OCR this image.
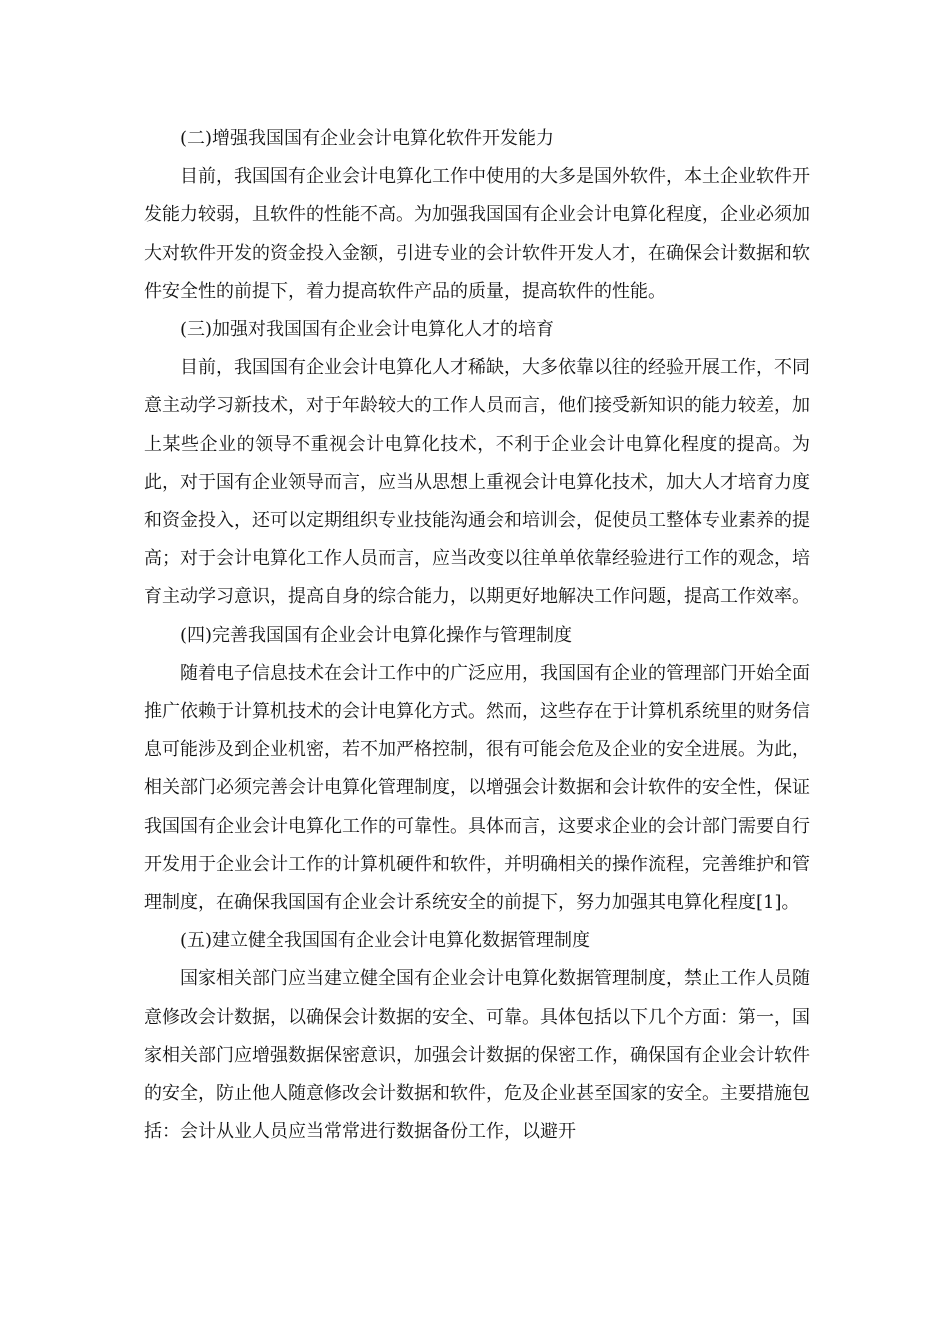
(二)增强我国国有企业会计电算化软件开发能力

目前，我国国有企业会计电算化工作中使用的大多是国外软件，本土企业软件开发能力较弱，且软件的性能不高。为加强我国国有企业会计电算化程度，企业必须加大对软件开发的资金投入金额，引进专业的会计软件开发人才，在确保会计数据和软件安全性的前提下，着力提高软件产品的质量，提高软件的性能。

(三)加强对我国国有企业会计电算化人才的培育

目前，我国国有企业会计电算化人才稀缺，大多依靠以往的经验开展工作，不同意主动学习新技术，对于年龄较大的工作人员而言，他们接受新知识的能力较差，加上某些企业的领导不重视会计电算化技术，不利于企业会计电算化程度的提高。为此，对于国有企业领导而言，应当从思想上重视会计电算化技术，加大人才培育力度和资金投入，还可以定期组织专业技能沟通会和培训会，促使员工整体专业素养的提高；对于会计电算化工作人员而言，应当改变以往单单依靠经验进行工作的观念，培育主动学习意识，提高自身的综合能力，以期更好地解决工作问题，提高工作效率。

(四)完善我国国有企业会计电算化操作与管理制度

随着电子信息技术在会计工作中的广泛应用，我国国有企业的管理部门开始全面推广依赖于计算机技术的会计电算化方式。然而，这些存在于计算机系统里的财务信息可能涉及到企业机密，若不加严格控制，很有可能会危及企业的安全进展。为此，相关部门必须完善会计电算化管理制度，以增强会计数据和会计软件的安全性，保证我国国有企业会计电算化工作的可靠性。具体而言，这要求企业的会计部门需要自行开发用于企业会计工作的计算机硬件和软件，并明确相关的操作流程，完善维护和管理制度，在确保我国国有企业会计系统安全的前提下，努力加强其电算化程度[1]。

(五)建立健全我国国有企业会计电算化数据管理制度

国家相关部门应当建立健全国有企业会计电算化数据管理制度，禁止工作人员随意修改会计数据，以确保会计数据的安全、可靠。具体包括以下几个方面：第一，国家相关部门应增强数据保密意识，加强会计数据的保密工作，确保国有企业会计软件的安全，防止他人随意修改会计数据和软件，危及企业甚至国家的安全。主要措施包括：会计从业人员应当常常进行数据备份工作，以避开
